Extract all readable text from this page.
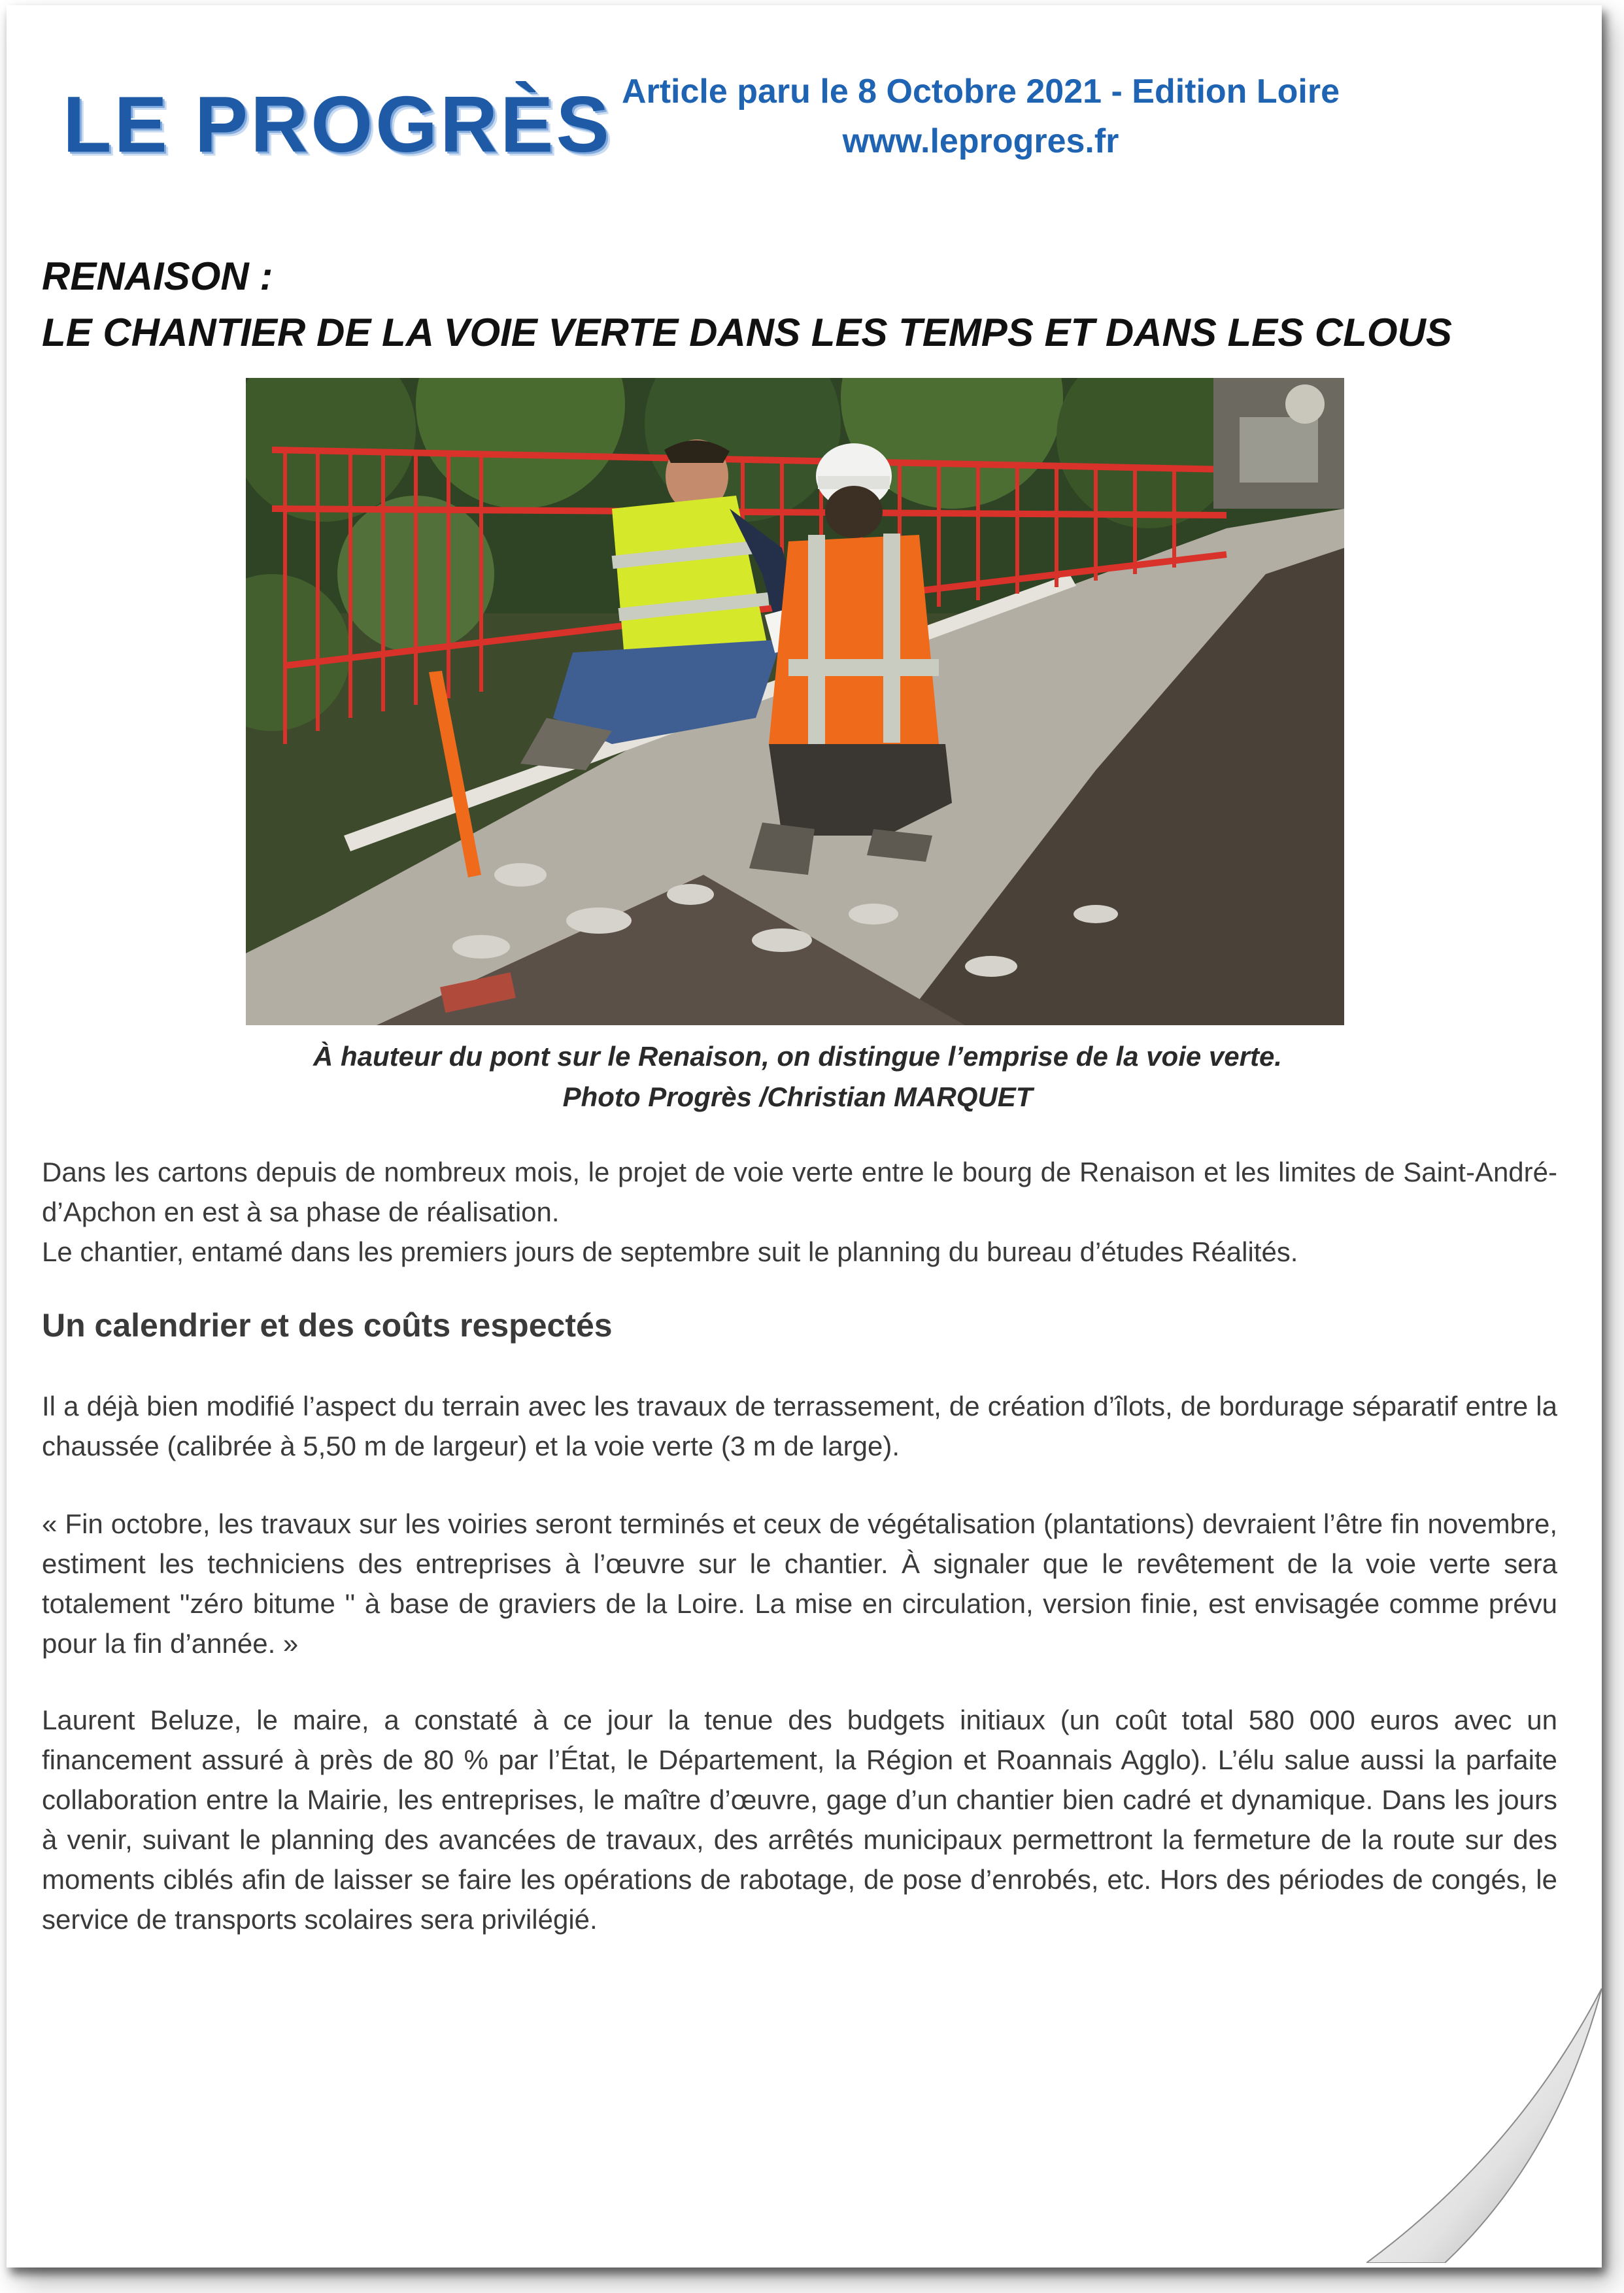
LE PROGRÈS Article paru le 8 Octobre 2021 - Edition Loire
www.leprogres.fr
RENAISON :
LE CHANTIER DE LA VOIE VERTE DANS LES TEMPS ET DANS LES CLOUS
À hauteur du pont sur le Renaison, on distingue l’emprise de la voie verte.
Photo Progrès /Christian MARQUET

Dans les cartons depuis de nombreux mois, le projet de voie verte entre le bourg de Renaison et les limites de Saint-André-d’Apchon en est à sa phase de réalisation.

Le chantier, entamé dans les premiers jours de septembre suit le planning du bureau d’études Réalités.

Un calendrier et des coûts respectés

Il a déjà bien modifié l’aspect du terrain avec les travaux de terrassement, de création d’îlots, de bordurage séparatif entre la chaussée (calibrée à 5,50 m de largeur) et la voie verte (3 m de large).

« Fin octobre, les travaux sur les voiries seront terminés et ceux de végétalisation (plantations) devraient l’être fin novembre, estiment les techniciens des entreprises à l’œuvre sur le chantier. À signaler que le revêtement de la voie verte sera totalement ''zéro bitume '' à base de graviers de la Loire. La mise en circulation, version finie, est envisagée comme prévu pour la fin d’année. »

Laurent Beluze, le maire, a constaté à ce jour la tenue des budgets initiaux (un coût total 580 000 euros avec un financement assuré à près de 80 % par l’État, le Département, la Région et Roannais Agglo). L’élu salue aussi la parfaite collaboration entre la Mairie, les entreprises, le maître d’œuvre, gage d’un chantier bien cadré et dynamique. Dans les jours à venir, suivant le planning des avancées de travaux, des arrêtés municipaux permettront la fermeture de la route sur des moments ciblés afin de laisser se faire les opérations de rabotage, de pose d’enrobés, etc. Hors des périodes de congés, le service de transports scolaires sera privilégié.
